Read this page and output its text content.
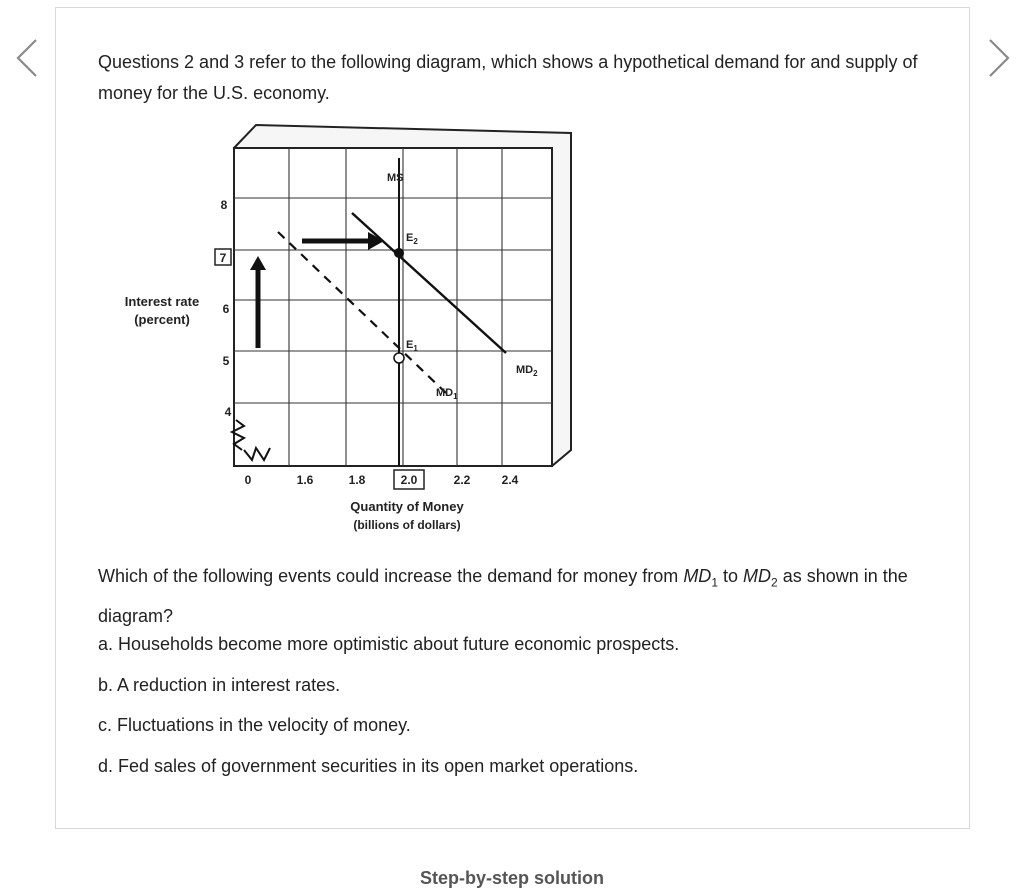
Questions 2 and 3 refer to the following diagram, which shows a hypothetical demand for and supply of money for the U.S. economy.
8
7
6
5
4
Interest rate
(percent)
0	1.6	1.8	2.0	2.2	2.4
Quantity of Money
(billions of dollars)
MS
$E_2$
$E_1$
$MD_1$
$MD_2$
Which of the following events could increase the demand for money from $MD_1$ to $MD_2$ as shown in the diagram?
a. Households become more optimistic about future economic prospects.
b. A reduction in interest rates.
c. Fluctuations in the velocity of money.
d. Fed sales of government securities in its open market operations.
Step-by-step solution
